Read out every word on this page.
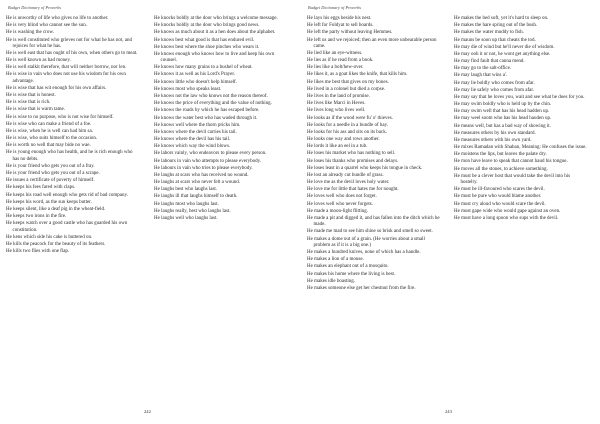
Budget Dictionary of Proverbs
He is unworthy of life who gives no life to another.
He is very blind who cannot see the sun.
He is washing the crow.
He is well constituted who grieves not for what he has not, and rejoices for what he has.
He is well east that has ought of his own, when others go to meat.
He is well known as bad money.
He is well stalkit therefore, that will neither borrow, nor len.
He is wise in vain who does not use his wisdom for his own advantage.
He is wise that has wit enough for his own affairs.
He is wise that is honest.
He is wise that is rich.
He is wise that is warm tame.
He is wise to no purpose, who is not wise for himself.
He is wise who can make a friend of a foe.
He is wise, when he is well can had him sa.
He is wise, who suits himself to the occasion.
He is worth no well that may bide no wae.
He is young enough who has health, and he is rich enough who has no debts.
He is your friend who gets you out of a fray.
He is your friend who gets you out of a scrape.
He issues a certificate of poverty of himself.
He keeps his fees fared with claps.
He keeps his road well enough who gets rid of bad company.
He keeps his word, as the sun keeps butter.
He keeps silent, like a deaf pig in the wheat-field.
He keeps two irons in the fire.
He keeps watch over a good castle who has guarded his own constitution.
He kens which side his cake is buttered on.
He kills the peacock for the beauty of its feathers.
He kills two flies with one flap.
He knocks boldly at the door who brings a welcome message.
He knocks boldly at the door who brings good news.
He knows as much about it as a hen does about the alphabet.
He knows best what good is that has endured evil.
He knows best where the shoe pinches who wears it.
He knows enough who knows how to live and keep his own counsel.
He knows how many grains to a bushel of wheat.
He knows it as well as his Lord's Prayer.
He knows little who doesn't help himself.
He knows most who speaks least.
He knows not the law who knows not the reason thereof.
He knows the price of everything and the value of nothing.
He knows the roads by which he has escaped before.
He knows the water best who has waded through it.
He knows well where the thorn pricks him.
He knows where the devil carries his tail.
He knows where the devil has his tail.
He knows which way the wind blows.
He labors vainly, who endeavors to please every person.
He labours in vain who attempts to please everybody.
He labours in vain who tries to please everybody.
He laughs at scars who has received no wound.
He laughs at scars who never felt a wound.
He laughs best who laughs last.
He laughs ill that laughs himself to death.
He laughs most who laughs last.
He laughs really, best who laughs last.
He laughs well who laughs last.
242
Budget Dictionary of Proverbs
He lays his eggs beside his nest.
He left for Foldyat to sell boards.
He left the party without leaving Hemmes.
He left us and we rejoiced; then an even more unbearable person came.
He lied like an eye-witness.
He lies as if he read from a book.
He lies like a bolt/hew-over.
He likes it, as a goat likes the knife, that kills him.
He likes me best that gives on my bones.
He lived in a colonel but died a corpse.
He lives in the land of promise.
He lives like Marci in Heves.
He lives long who lives well.
He looks as if the wood were fu' o' thieves.
He looks for a needle in a bundle of hay.
He looks for his ass and sits on its back.
He looks one way and rows another.
He lords it like an eel in a tub.
He loses his market who has nothing to sell.
He loses his thanks who promises and delays.
He loses least in a quarrel who keeps his tongue in check.
He lost an already cut bundle of grass.
He love me as the devil loves holy water.
He love me for little that hates me for nought.
He loves well who does not forget.
He loves well who never forgets.
He made a moon-light flitting.
He made a pit and digged it, and has fallen into the ditch which he made.
He made me mad to see him shine so brisk and smell so sweet.
He makes a dome out of a grain. (He worries about a small problem as if it is a big one.)
He makes a hundred knives, none of which has a handle.
He makes a lion of a mouse.
He makes an elephant out of a mosquito.
He makes his home where the living is best.
He makes idle boasting.
He makes someone else get her chestnut from the fire.
He makes the bed soft, yet it's hard to sleep on.
He makes the hare spring out of the bush.
He makes the water muddy to fish.
He mauns be soon up that cheats the tod.
He may die of wind but he'll never die of wisdom.
He may ooh it or not, he wont get anything else.
He may find fault that canna mend.
He may go to the salt-office.
He may laugh that wins a'.
He may lie boldly who comes from afar.
He may lie safely who comes from afar.
He may say that he loves you, wait and see what he does for you.
He may swim boldly who is held up by the chin.
He may swim well that has his head hadden up.
He may weel soom who has his head hauden up.
He means well, but has a bad way of showing it.
He measures others by his own standard.
He measures others with his own yard.
He mixes Ramadan with Shaban, Meaning: He confuses the issue.
He moistens the lips, but leaves the palate dry.
He mon have leave to speak that cannot haud his tongue.
He moves all the stones, to achieve something.
He must be a clever host that would take the devil into his hostelry.
He must be ill-favoured who scares the devil.
He must be pure who would blame another.
He must cry aloud who would scare the devil.
He must gape wide who would gape against an oven.
He must have a long spoon who sups with the devil.
243
